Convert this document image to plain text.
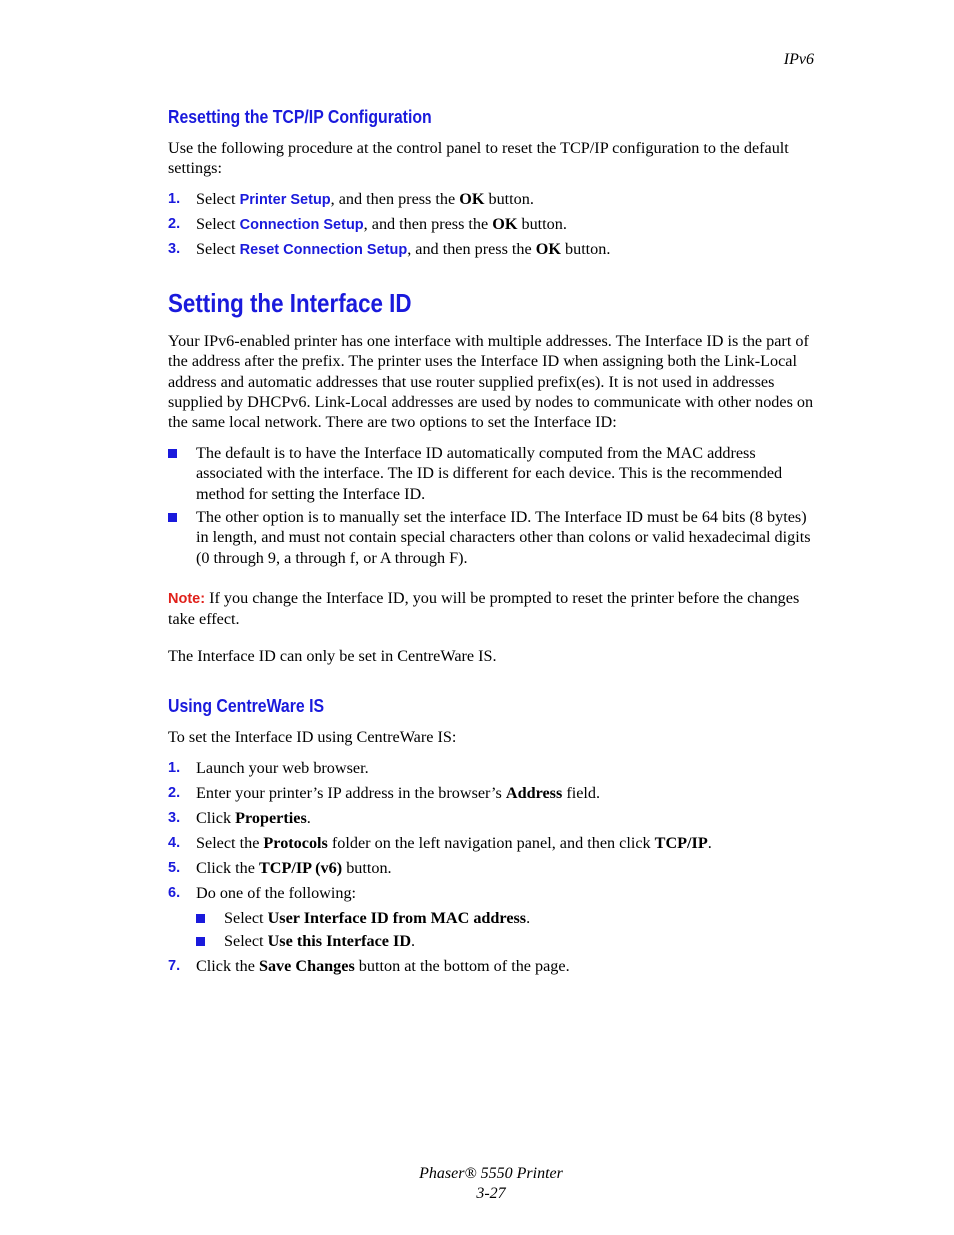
IPv6
Resetting the TCP/IP Configuration
Use the following procedure at the control panel to reset the TCP/IP configuration to the default settings:
1. Select Printer Setup, and then press the OK button.
2. Select Connection Setup, and then press the OK button.
3. Select Reset Connection Setup, and then press the OK button.
Setting the Interface ID
Your IPv6-enabled printer has one interface with multiple addresses. The Interface ID is the part of the address after the prefix. The printer uses the Interface ID when assigning both the Link-Local address and automatic addresses that use router supplied prefix(es). It is not used in addresses supplied by DHCPv6. Link-Local addresses are used by nodes to communicate with other nodes on the same local network. There are two options to set the Interface ID:
The default is to have the Interface ID automatically computed from the MAC address associated with the interface. The ID is different for each device. This is the recommended method for setting the Interface ID.
The other option is to manually set the interface ID. The Interface ID must be 64 bits (8 bytes) in length, and must not contain special characters other than colons or valid hexadecimal digits (0 through 9, a through f, or A through F).
Note: If you change the Interface ID, you will be prompted to reset the printer before the changes take effect.
The Interface ID can only be set in CentreWare IS.
Using CentreWare IS
To set the Interface ID using CentreWare IS:
1. Launch your web browser.
2. Enter your printer’s IP address in the browser’s Address field.
3. Click Properties.
4. Select the Protocols folder on the left navigation panel, and then click TCP/IP.
5. Click the TCP/IP (v6) button.
6. Do one of the following:
Select User Interface ID from MAC address.
Select Use this Interface ID.
7. Click the Save Changes button at the bottom of the page.
Phaser® 5550 Printer
3-27
